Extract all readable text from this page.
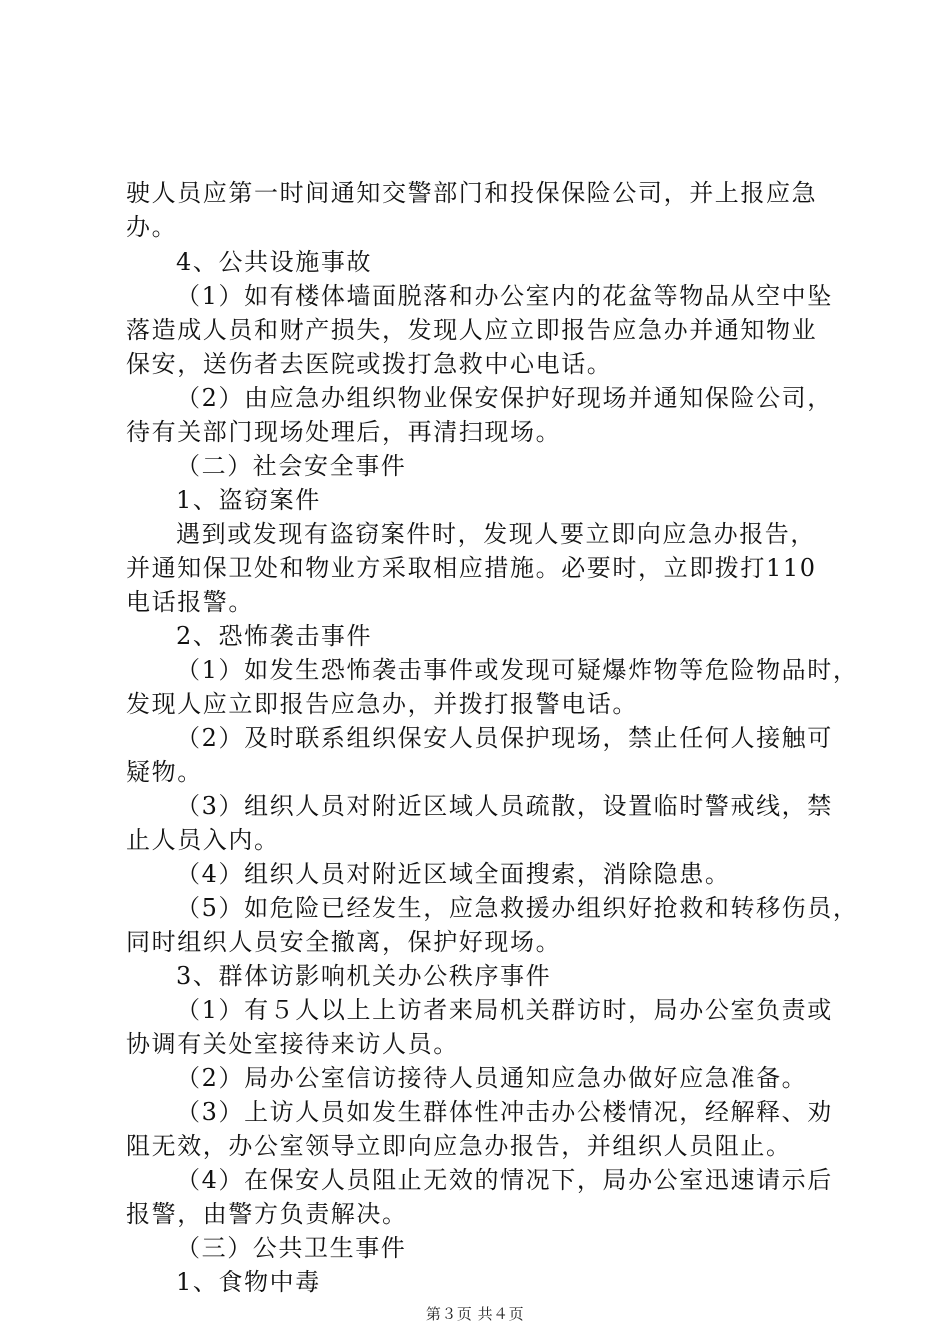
驶人员应第一时间通知交警部门和投保保险公司，并上报应急
办。
4、公共设施事故
（1）如有楼体墙面脱落和办公室内的花盆等物品从空中坠
落造成人员和财产损失，发现人应立即报告应急办并通知物业
保安，送伤者去医院或拨打急救中心电话。
（2）由应急办组织物业保安保护好现场并通知保险公司，
待有关部门现场处理后，再清扫现场。
（二）社会安全事件
1、盗窃案件
遇到或发现有盗窃案件时，发现人要立即向应急办报告，
并通知保卫处和物业方采取相应措施。必要时，立即拨打110
电话报警。
2、恐怖袭击事件
（1）如发生恐怖袭击事件或发现可疑爆炸物等危险物品时，
发现人应立即报告应急办，并拨打报警电话。
（2）及时联系组织保安人员保护现场，禁止任何人接触可
疑物。
（3）组织人员对附近区域人员疏散，设置临时警戒线，禁
止人员入内。
（4）组织人员对附近区域全面搜索，消除隐患。
（5）如危险已经发生，应急救援办组织好抢救和转移伤员，
同时组织人员安全撤离，保护好现场。
3、群体访影响机关办公秩序事件
（1）有５人以上上访者来局机关群访时，局办公室负责或
协调有关处室接待来访人员。
（2）局办公室信访接待人员通知应急办做好应急准备。
（3）上访人员如发生群体性冲击办公楼情况，经解释、劝
阻无效，办公室领导立即向应急办报告，并组织人员阻止。
（4）在保安人员阻止无效的情况下，局办公室迅速请示后
报警，由警方负责解决。
（三）公共卫生事件
1、食物中毒
第３页 共４页
